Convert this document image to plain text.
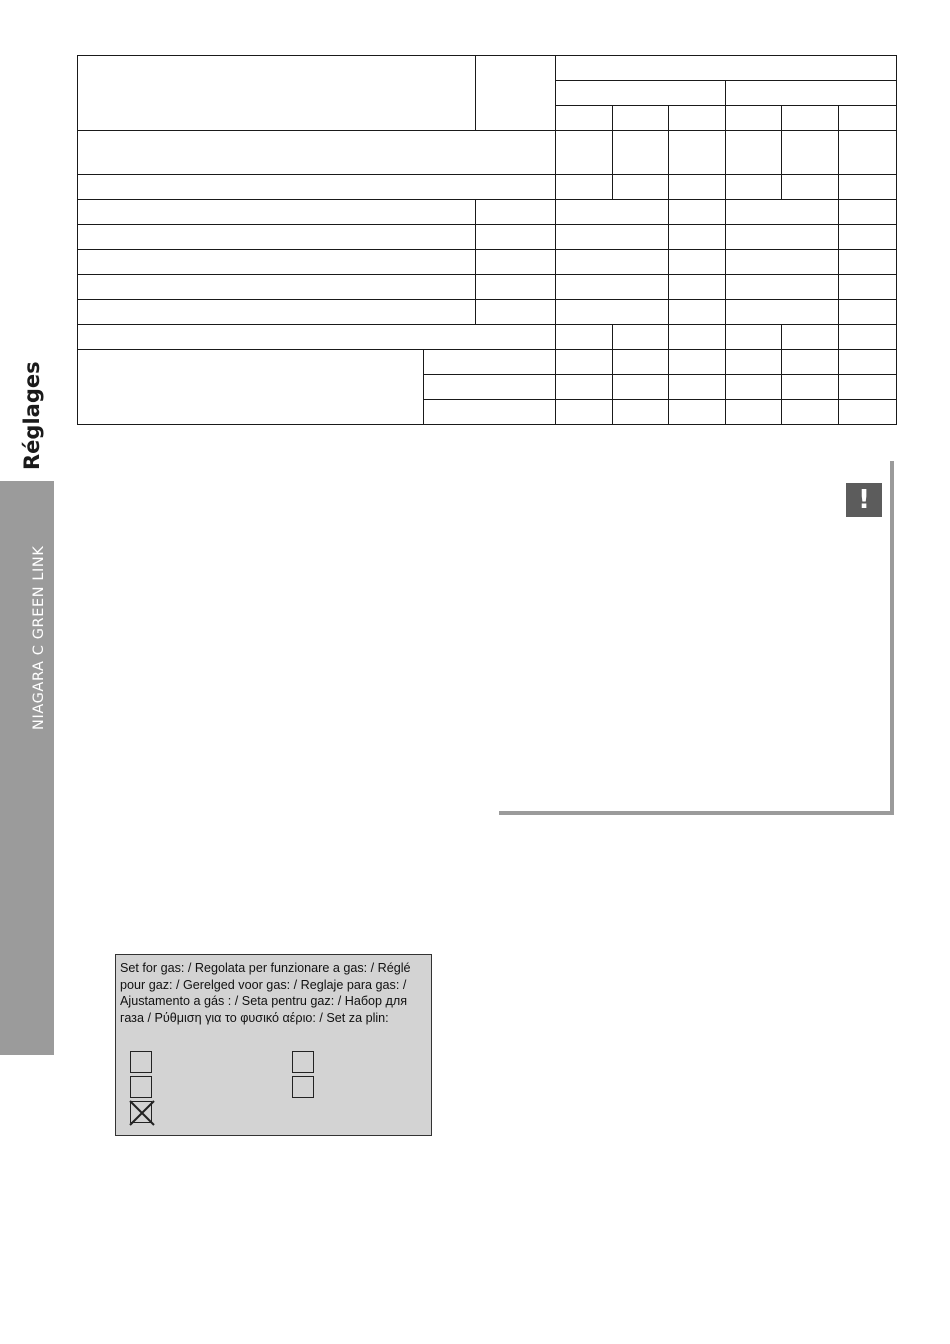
Réglages
NIAGARA C GREEN LINK

!
Set for gas: / Regolata per funzionare a gas: / Réglé pour gaz: / Gerelged voor gas: / Reglaje para gas: / Ajustamento a gás : / Seta pentru gaz: / Набор для газа / Ρύθμιση για το φυσικό αέριο: / Set za plin:
